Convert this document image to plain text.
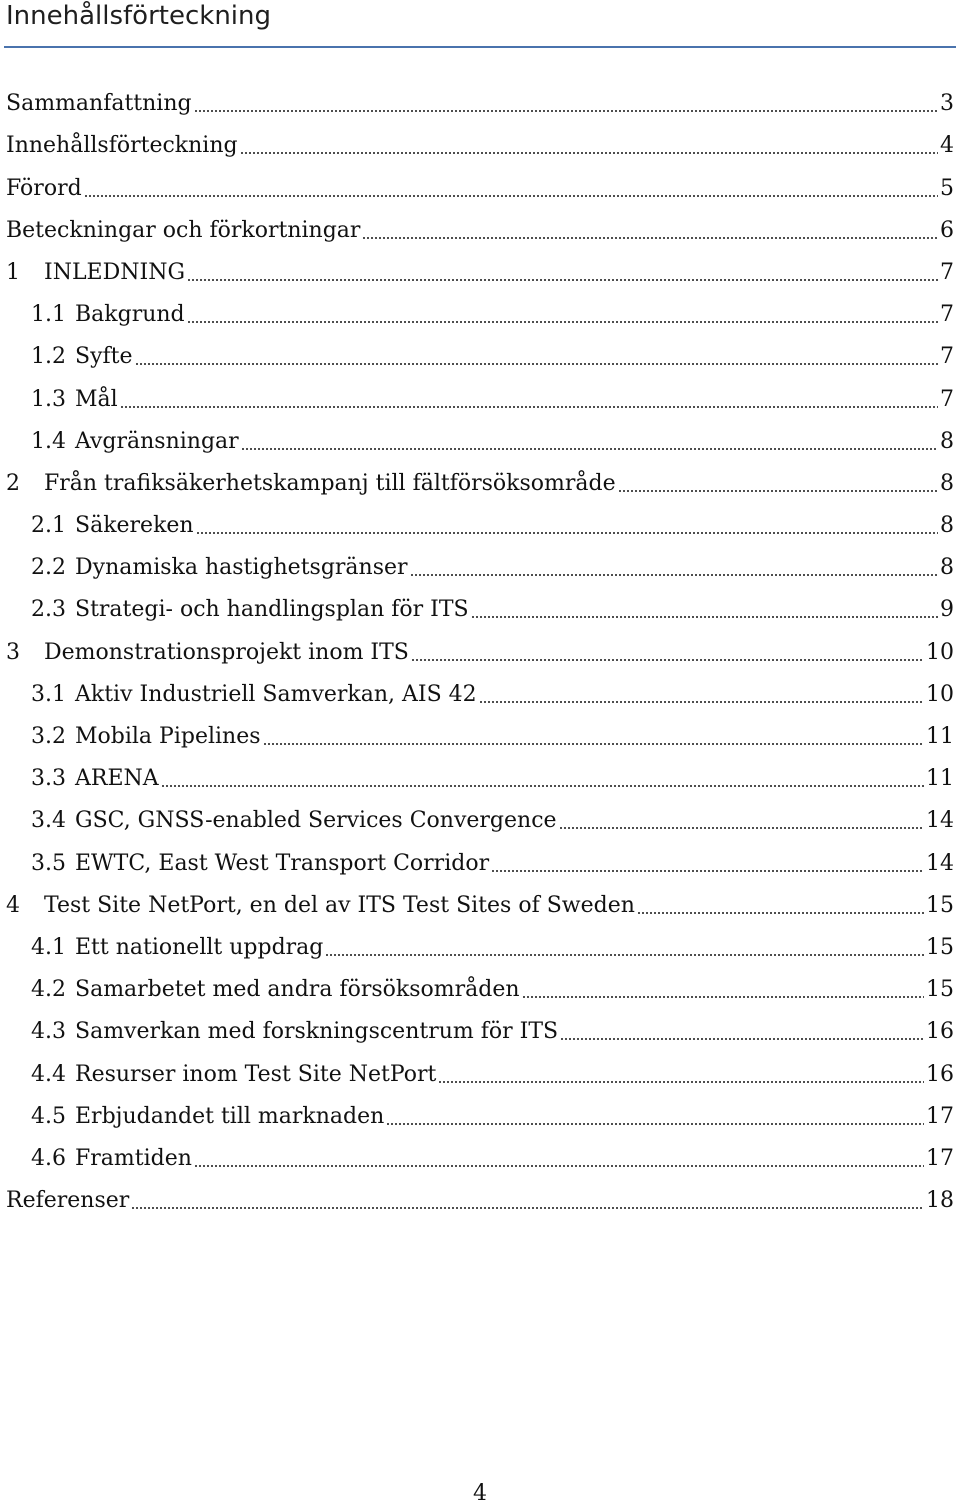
Innehållsförteckning
Sammanfattning	3
Innehållsförteckning	4
Förord	5
Beteckningar och förkortningar	6
1	INLEDNING	7
1.1 Bakgrund	7
1.2 Syfte	7
1.3 Mål	7
1.4 Avgränsningar	8
2	Från trafiksäkerhetskampanj till fältförsöksområde	8
2.1 Säkereken	8
2.2 Dynamiska hastighetsgränser	8
2.3 Strategi- och handlingsplan för ITS	9
3	Demonstrationsprojekt inom ITS	10
3.1 Aktiv Industriell Samverkan, AIS 42	10
3.2 Mobila Pipelines	11
3.3 ARENA	11
3.4 GSC, GNSS-enabled Services Convergence	14
3.5 EWTC, East West Transport Corridor	14
4	Test Site NetPort, en del av ITS Test Sites of Sweden	15
4.1 Ett nationellt uppdrag	15
4.2 Samarbetet med andra försöksområden	15
4.3 Samverkan med forskningscentrum för ITS	16
4.4 Resurser inom Test Site NetPort	16
4.5 Erbjudandet till marknaden	17
4.6 Framtiden	17
Referenser	18
4
